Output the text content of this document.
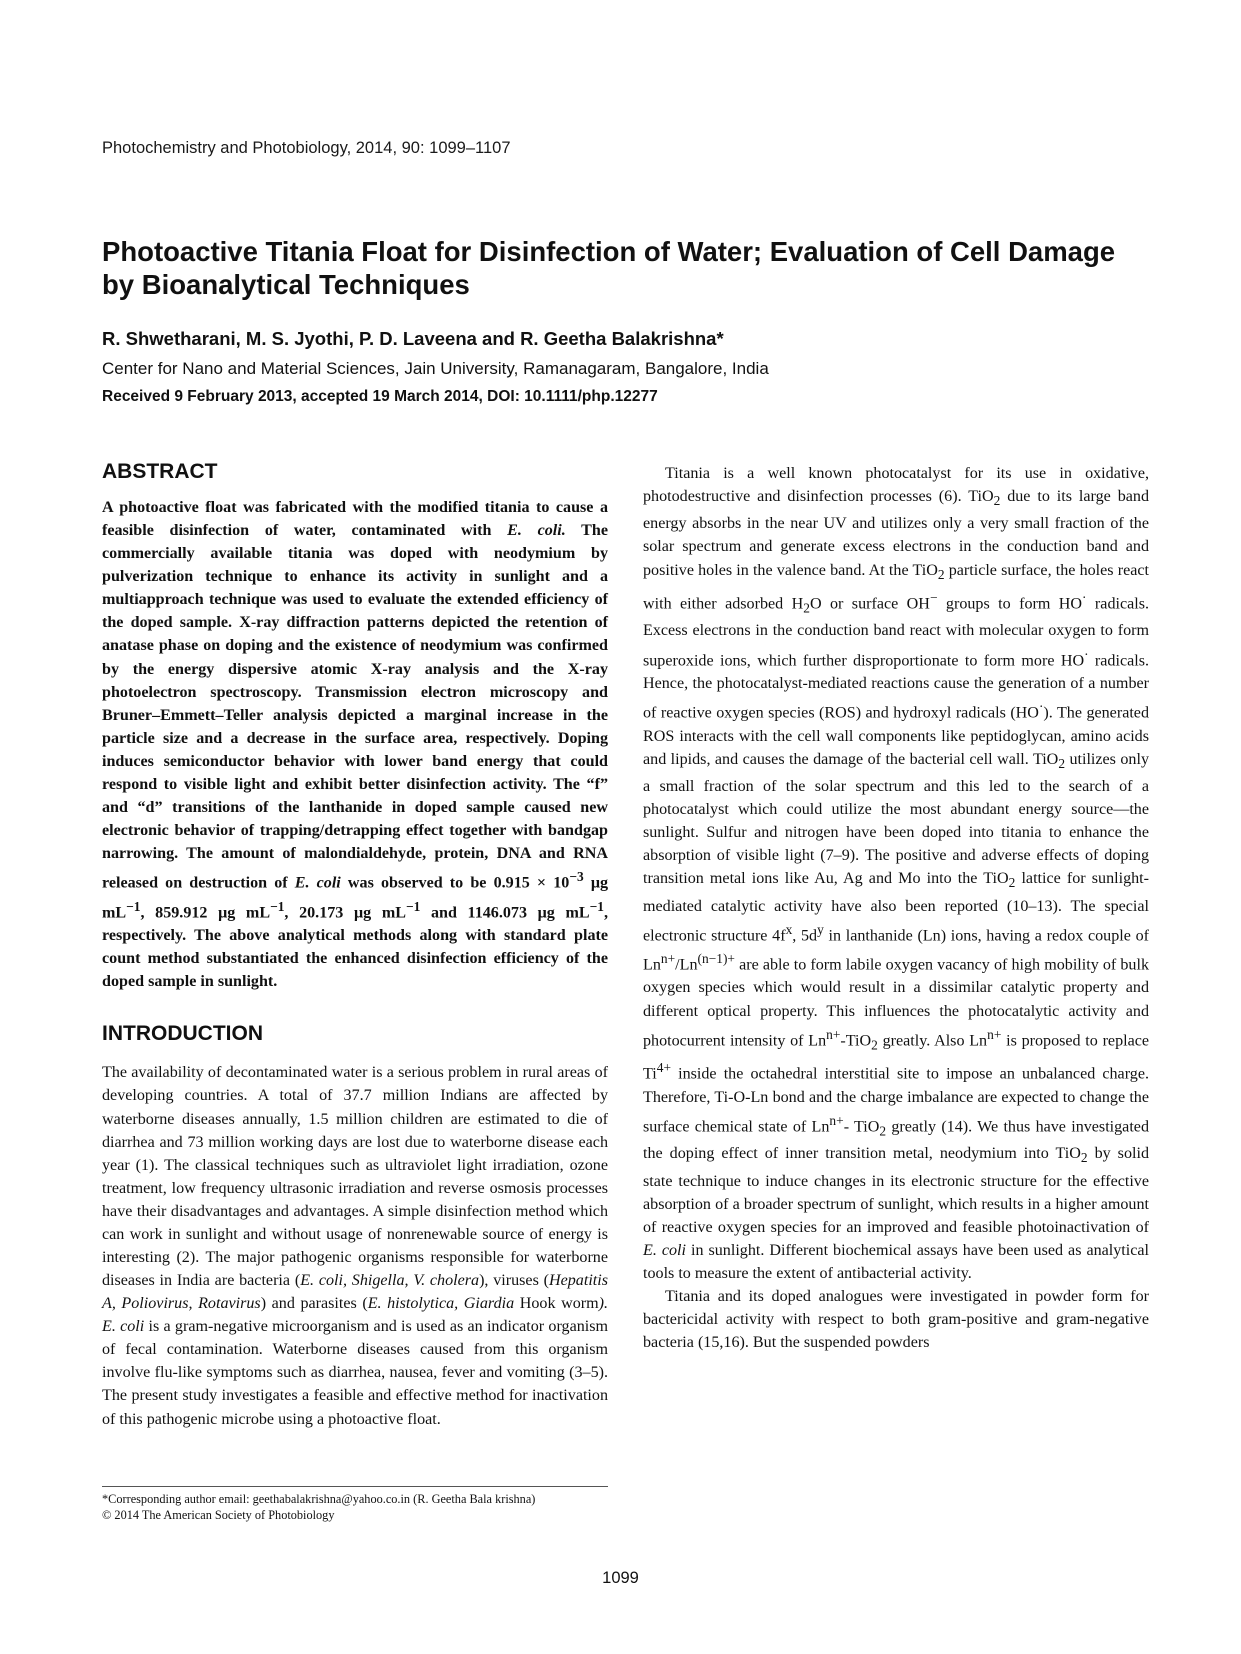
Photochemistry and Photobiology, 2014, 90: 1099–1107
Photoactive Titania Float for Disinfection of Water; Evaluation of Cell Damage by Bioanalytical Techniques
R. Shwetharani, M. S. Jyothi, P. D. Laveena and R. Geetha Balakrishna*
Center for Nano and Material Sciences, Jain University, Ramanagaram, Bangalore, India
Received 9 February 2013, accepted 19 March 2014, DOI: 10.1111/php.12277
ABSTRACT

A photoactive float was fabricated with the modified titania to cause a feasible disinfection of water, contaminated with E. coli. The commercially available titania was doped with neodymium by pulverization technique to enhance its activity in sunlight and a multiapproach technique was used to evaluate the extended efficiency of the doped sample. X-ray diffraction patterns depicted the retention of anatase phase on doping and the existence of neodymium was confirmed by the energy dispersive atomic X-ray analysis and the X-ray photoelectron spectroscopy. Transmission electron microscopy and Bruner–Emmett–Teller analysis depicted a marginal increase in the particle size and a decrease in the surface area, respectively. Doping induces semiconductor behavior with lower band energy that could respond to visible light and exhibit better disinfection activity. The “f” and “d” transitions of the lanthanide in doped sample caused new electronic behavior of trapping/detrapping effect together with bandgap narrowing. The amount of malondialdehyde, protein, DNA and RNA released on destruction of E. coli was observed to be $0.915 \times 10^{-3}$ μg $mL^{-1}$, 859.912 μg $mL^{-1}$, 20.173 μg $mL^{-1}$ and 1146.073 μg $mL^{-1}$, respectively. The above analytical methods along with standard plate count method substantiated the enhanced disinfection efficiency of the doped sample in sunlight.

INTRODUCTION

The availability of decontaminated water is a serious problem in rural areas of developing countries. A total of 37.7 million Indians are affected by waterborne diseases annually, 1.5 million children are estimated to die of diarrhea and 73 million working days are lost due to waterborne disease each year (1). The classical techniques such as ultraviolet light irradiation, ozone treatment, low frequency ultrasonic irradiation and reverse osmosis processes have their disadvantages and advantages. A simple disinfection method which can work in sunlight and without usage of nonrenewable source of energy is interesting (2). The major pathogenic organisms responsible for waterborne diseases in India are bacteria (E. coli, Shigella, V. cholera), viruses (Hepatitis A, Poliovirus, Rotavirus) and parasites (E. histolytica, Giardia Hook worm). E. coli is a gram-negative microorganism and is used as an indicator organism of fecal contamination. Waterborne diseases caused from this organism involve flu-like symptoms such as diarrhea, nausea, fever and vomiting (3–5). The present study investigates a feasible and effective method for inactivation of this pathogenic microbe using a photoactive float.

Titania is a well known photocatalyst for its use in oxidative, photodestructive and disinfection processes (6). TiO$_2$ due to its large band energy absorbs in the near UV and utilizes only a very small fraction of the solar spectrum and generate excess electrons in the conduction band and positive holes in the valence band. At the TiO$_2$ particle surface, the holes react with either adsorbed $H_2O$ or surface OH− groups to form HO· radicals. Excess electrons in the conduction band react with molecular oxygen to form superoxide ions, which further disproportionate to form more HO· radicals. Hence, the photocatalyst-mediated reactions cause the generation of a number of reactive oxygen species (ROS) and hydroxyl radicals (HO·). The generated ROS interacts with the cell wall components like peptidoglycan, amino acids and lipids, and causes the damage of the bacterial cell wall. TiO$_2$ utilizes only a small fraction of the solar spectrum and this led to the search of a photocatalyst which could utilize the most abundant energy source—the sunlight. Sulfur and nitrogen have been doped into titania to enhance the absorption of visible light (7–9). The positive and adverse effects of doping transition metal ions like Au, Ag and Mo into the TiO$_2$ lattice for sunlight-mediated catalytic activity have also been reported (10–13). The special electronic structure $4f^x$, $5d^y$ in lanthanide (Ln) ions, having a redox couple of $Ln^{n+}/Ln^{(n-1)+}$ are able to form labile oxygen vacancy of high mobility of bulk oxygen species which would result in a dissimilar catalytic property and different optical property. This influences the photocatalytic activity and photocurrent intensity of $Ln^{n+}-TiO_2$ greatly. Also $Ln^{n+}$ is proposed to replace $Ti^{4+}$ inside the octahedral interstitial site to impose an unbalanced charge. Therefore, Ti-O-Ln bond and the charge imbalance are expected to change the surface chemical state of $Ln^{n+}-$ TiO$_2$ greatly (14). We thus have investigated the doping effect of inner transition metal, neodymium into TiO$_2$ by solid state technique to induce changes in its electronic structure for the effective absorption of a broader spectrum of sunlight, which results in a higher amount of reactive oxygen species for an improved and feasible photoinactivation of E. coli in sunlight. Different biochemical assays have been used as analytical tools to measure the extent of antibacterial activity.

Titania and its doped analogues were investigated in powder form for bactericidal activity with respect to both gram-positive and gram-negative bacteria (15,16). But the suspended powders

*Corresponding author email: geethabalakrishna@yahoo.co.in (R. Geetha Bala krishna)
© 2014 The American Society of Photobiology
1099
